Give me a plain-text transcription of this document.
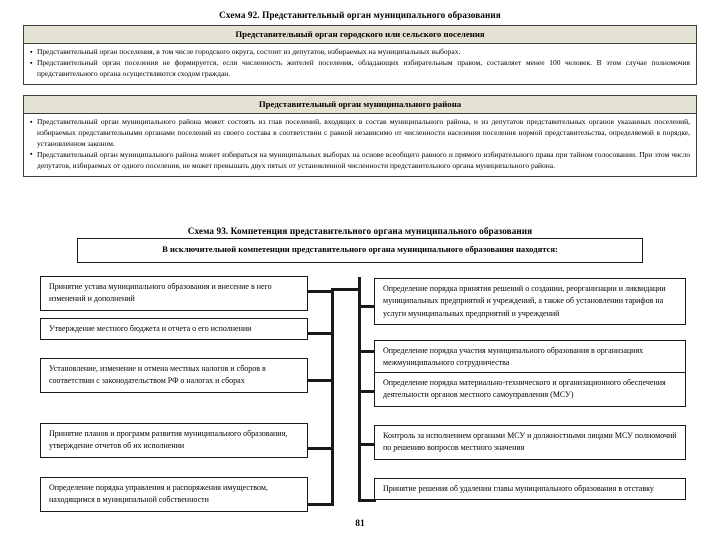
Схема 92. Представительный орган муниципального образования
Представительный орган городского или сельского поселения

▪ Представительный орган поселения, в том числе городского округа, состоит из депутатов, избираемых на муниципальных выборах.

▪ Представительный орган поселения не формируется, если численность жителей поселения, обладающих избирательным правом, составляет менее 100 человек. В этом случае полномочия представительного органа осуществляются сходом граждан.

Представительный орган муниципального района

▪ Представительный орган муниципального района может состоять из глав поселений, входящих в состав муниципального района, и из депутатов представительных органов указанных поселений, избираемых представительными органами поселений из своего состава в соответствии с равной независимо от численности населения поселения нормой представительства, определяемой в порядке, установленном законом.

▪ Представительный орган муниципального района может избираться на муниципальных выборах на основе всеобщего равного и прямого избирательного права при тайном голосовании. При этом число депутатов, избираемых от одного поселения, не может превышать двух пятых от установленной численности представительного органа муниципального района.

Схема 93. Компетенция представительного органа муниципального образования
В исключительной компетенции представительного органа муниципального образования находятся:
Принятие устава муниципального образования и внесение в него изменений и дополнений
Утверждение местного бюджета и отчета о его исполнении
Установление, изменение и отмена местных налогов и сборов в соответствии с законодательством РФ о налогах и сборах
Принятие планов и программ развития муниципального образования, утверждение отчетов об их исполнении
Определение порядка управления и распоряжения имуществом, находящимся в муниципальной собственности
Определение порядка принятия решений о создании, реорганизации и ликвидации муниципальных предприятий и учреждений, а также об установлении тарифов на услуги муниципальных предприятий и учреждений
Определение порядка участия муниципального образования в организациях межмуниципального сотрудничества
Определение порядка материально-технического и организационного обеспечения деятельности органов местного самоуправления (МСУ)
Контроль за исполнением органами МСУ и должностными лицами МСУ полномочий по решению вопросов местного значения
Принятие решения об удалении главы муниципального образования в отставку
81
